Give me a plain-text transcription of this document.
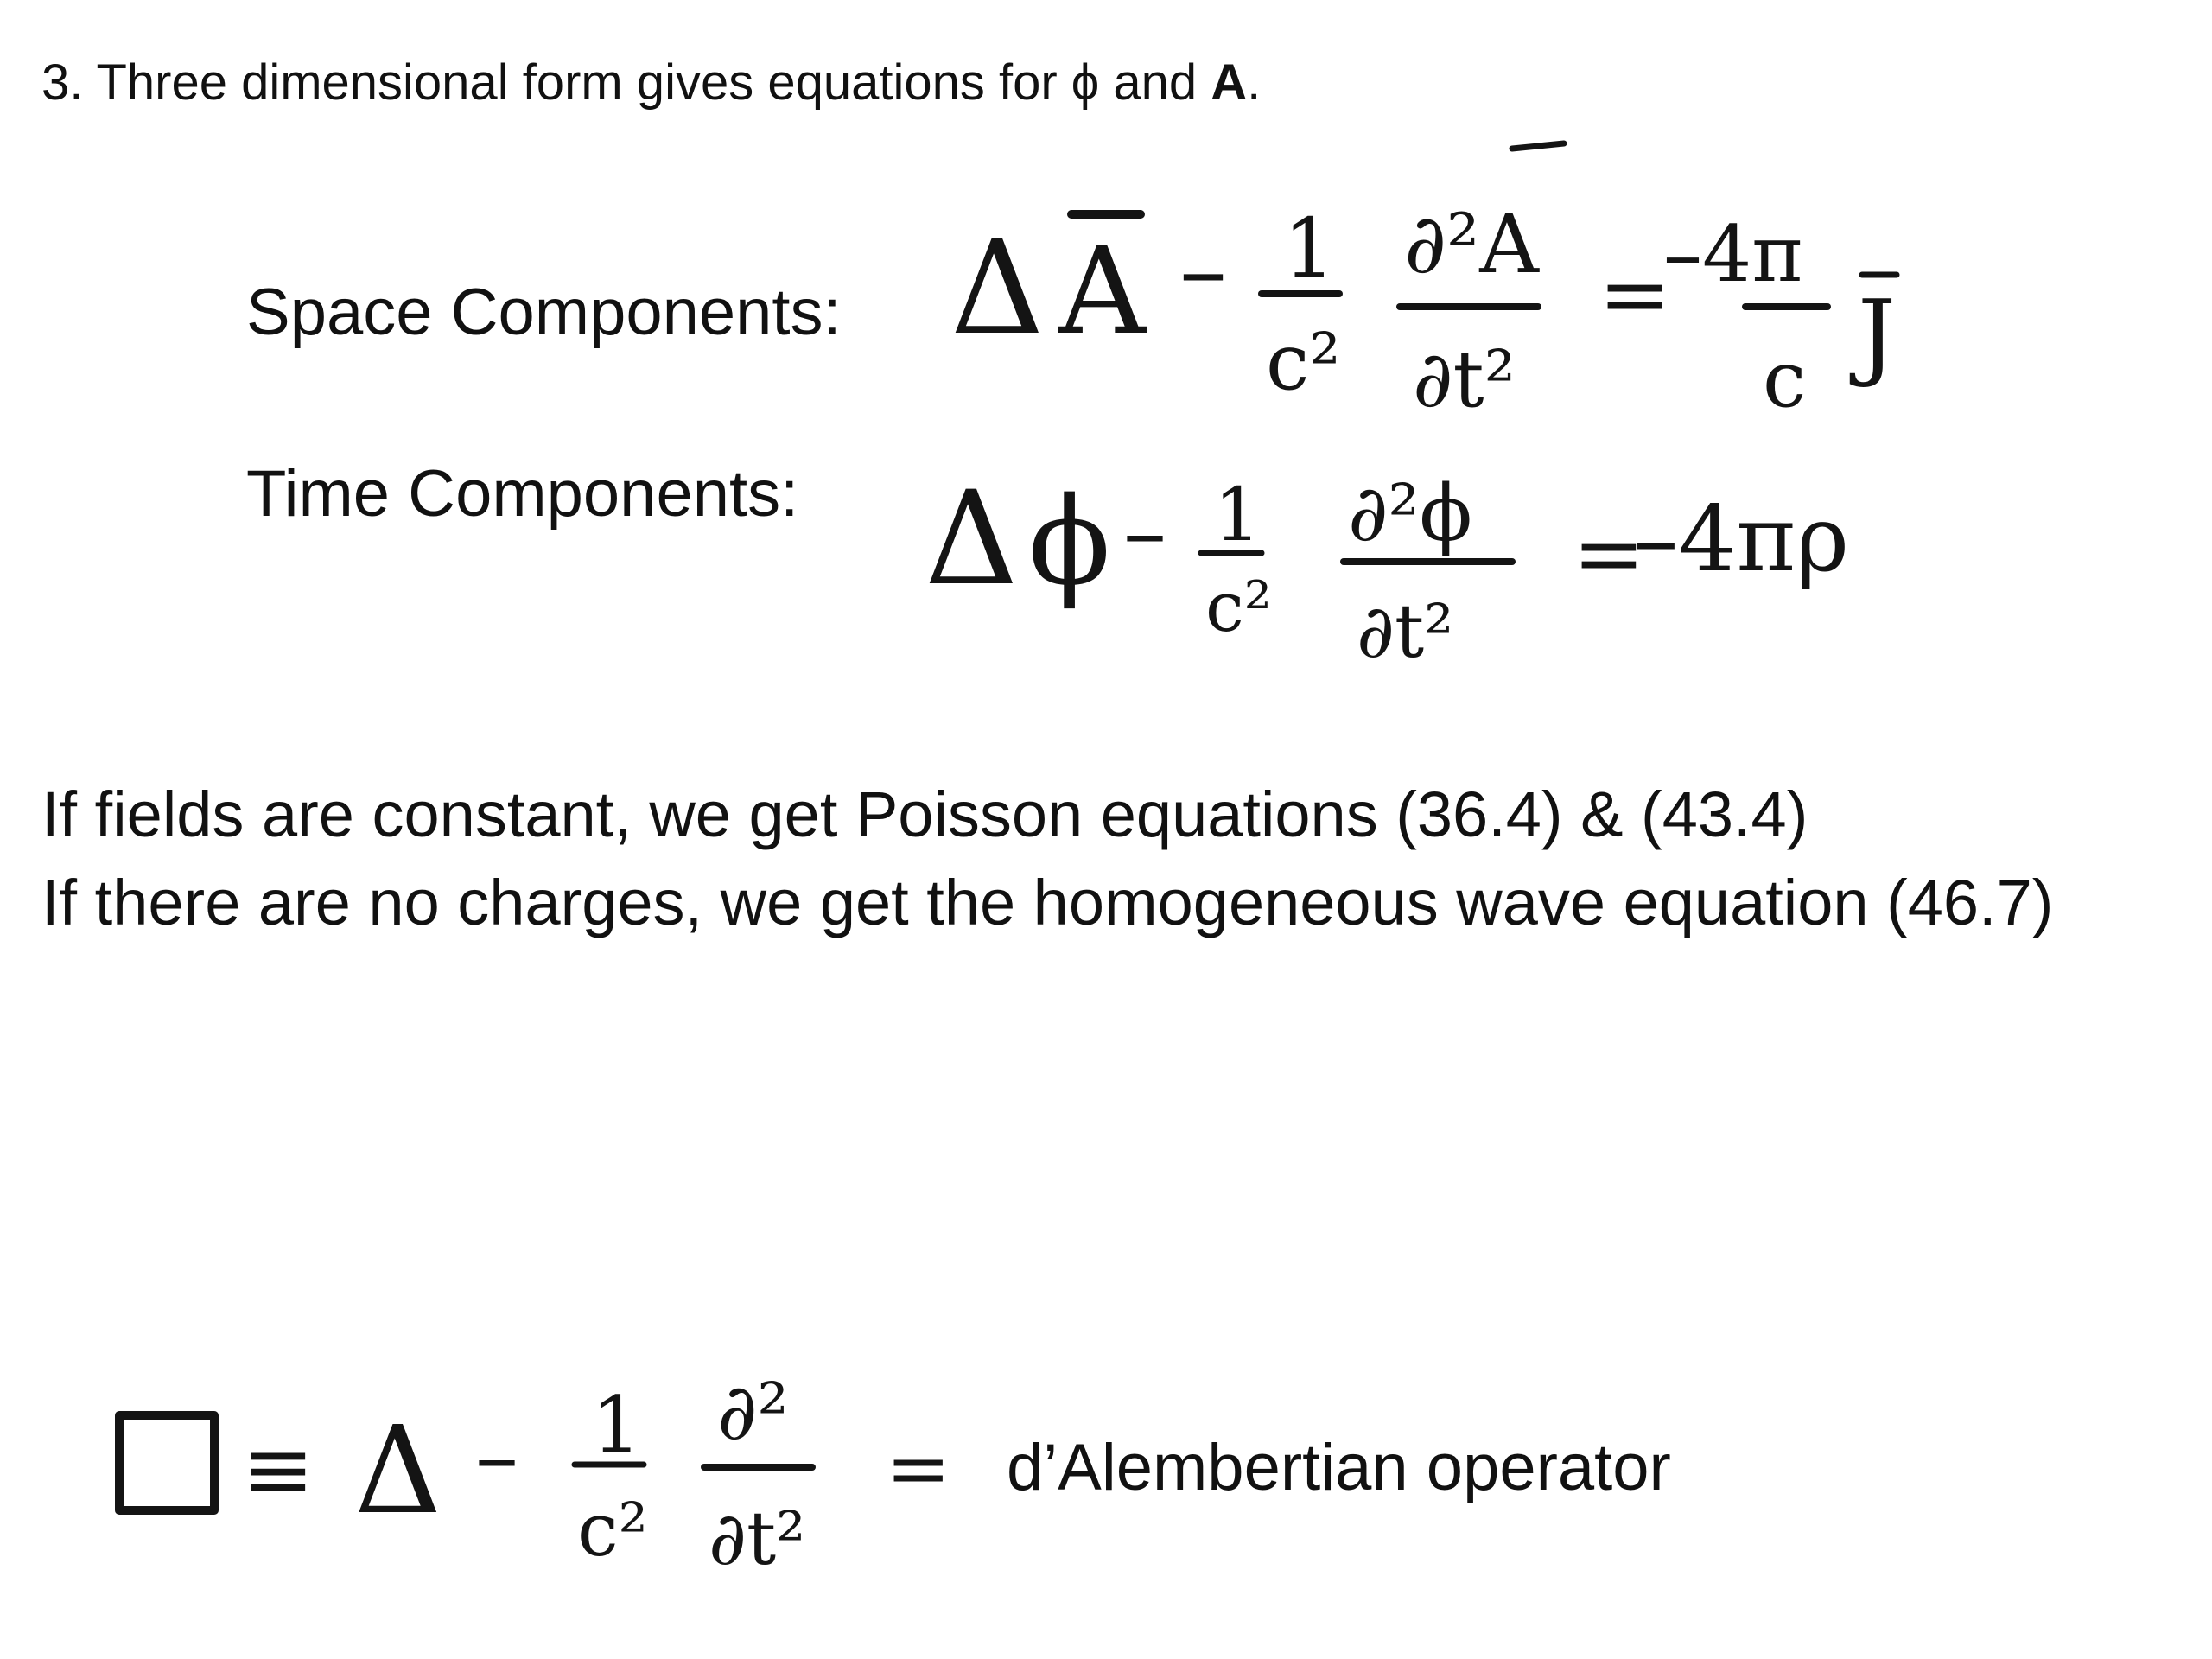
3. Three dimensional form gives equations for ϕ and A.
Space Components:
Time Components:
Δ A – 1
c²
∂²A
∂t²
=
–4π
c J
Δ ϕ – 1
c²
∂²ϕ
∂t²
=
–4πρ
If fields are constant, we get Poisson equations (36.4) & (43.4)
If there are no charges, we get the homogeneous wave equation (46.7)
≡ Δ – 1
c²
∂²
∂t²
= d’Alembertian operator
